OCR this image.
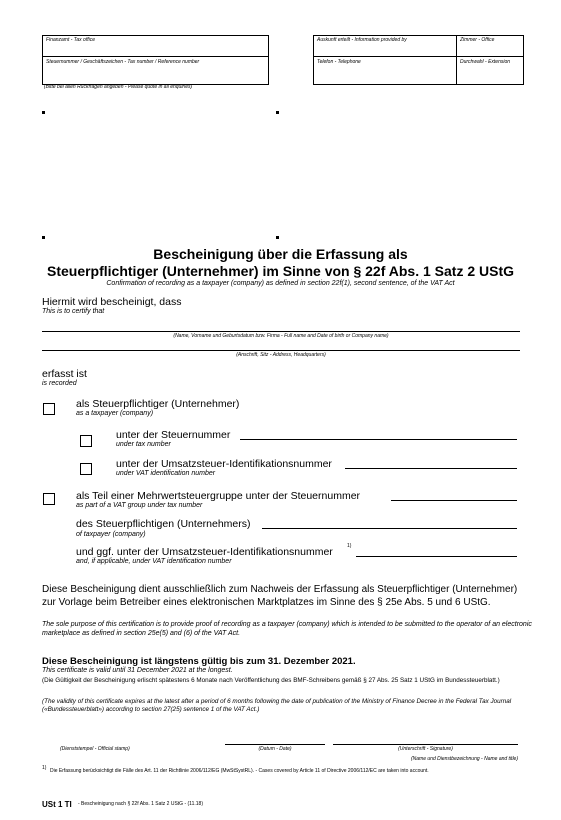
Finanzamt - Tax office
Steuernummer / Geschäftszeichen - Tax number / Reference number
(Bitte bei allen Rückfragen angeben - Please quote in all enquiries)
Auskunft erteilt - Information provided by	Zimmer - Office
Telefon - Telephone	Durchwahl - Extension
Bescheinigung über die Erfassung als
Steuerpflichtiger (Unternehmer) im Sinne von § 22f Abs. 1 Satz 2 UStG
Confirmation of recording as a taxpayer (company) as defined in section 22f(1), second sentence, of the VAT Act
Hiermit wird bescheinigt, dass
This is to certify that
(Name, Vorname und Geburtsdatum bzw. Firma - Full name and Date of birth or Company name)
(Anschrift, Sitz - Address, Headquarters)
erfasst ist
is recorded
als Steuerpflichtiger (Unternehmer)
as a taxpayer (company)
unter der Steuernummer
under tax number
unter der Umsatzsteuer-Identifikationsnummer
under VAT identification number
als Teil einer Mehrwertsteuergruppe unter der Steuernummer
as part of a VAT group under tax number
des Steuerpflichtigen (Unternehmers)
of taxpayer (company)
und ggf. unter der Umsatzsteuer-Identifikationsnummer	1)
and, if applicable, under VAT identification number
Diese Bescheinigung dient ausschließlich zum Nachweis der Erfassung als Steuerpflichtiger (Unternehmer) zur Vorlage beim Betreiber eines elektronischen Marktplatzes im Sinne des § 25e Abs. 5 und 6 UStG.
The sole purpose of this certification is to provide proof of recording as a taxpayer (company) which is intended to be submitted to the operator of an electronic marketplace as defined in section 25e(5) and (6) of the VAT Act.
Diese Bescheinigung ist längstens gültig bis zum 31. Dezember 2021.
This certificate is valid until 31 December 2021 at the longest.
(Die Gültigkeit der Bescheinigung erlischt spätestens 6 Monate nach Veröffentlichung des BMF-Schreibens gemäß § 27 Abs. 25 Satz 1 UStG im Bundessteuerblatt.)
(The validity of this certificate expires at the latest after a period of 6 months following the date of publication of the Ministry of Finance Decree in the Federal Tax Journal («Bundessteuerblatt») according to section 27(25) sentence 1 of the VAT Act.)
(Dienststempel - Official stamp)	(Datum - Date)	(Unterschrift - Signature)
(Name und Dienstbezeichnung - Name and title)
1) Die Erfassung berücksichtigt die Fälle des Art. 11 der Richtlinie 2006/112/EG (MwStSystRL). - Cases covered by Article 11 of Directive 2006/112/EC are taken into account.
USt 1 TI - Bescheinigung nach § 22f Abs. 1 Satz 2 UStG - (11.18)
